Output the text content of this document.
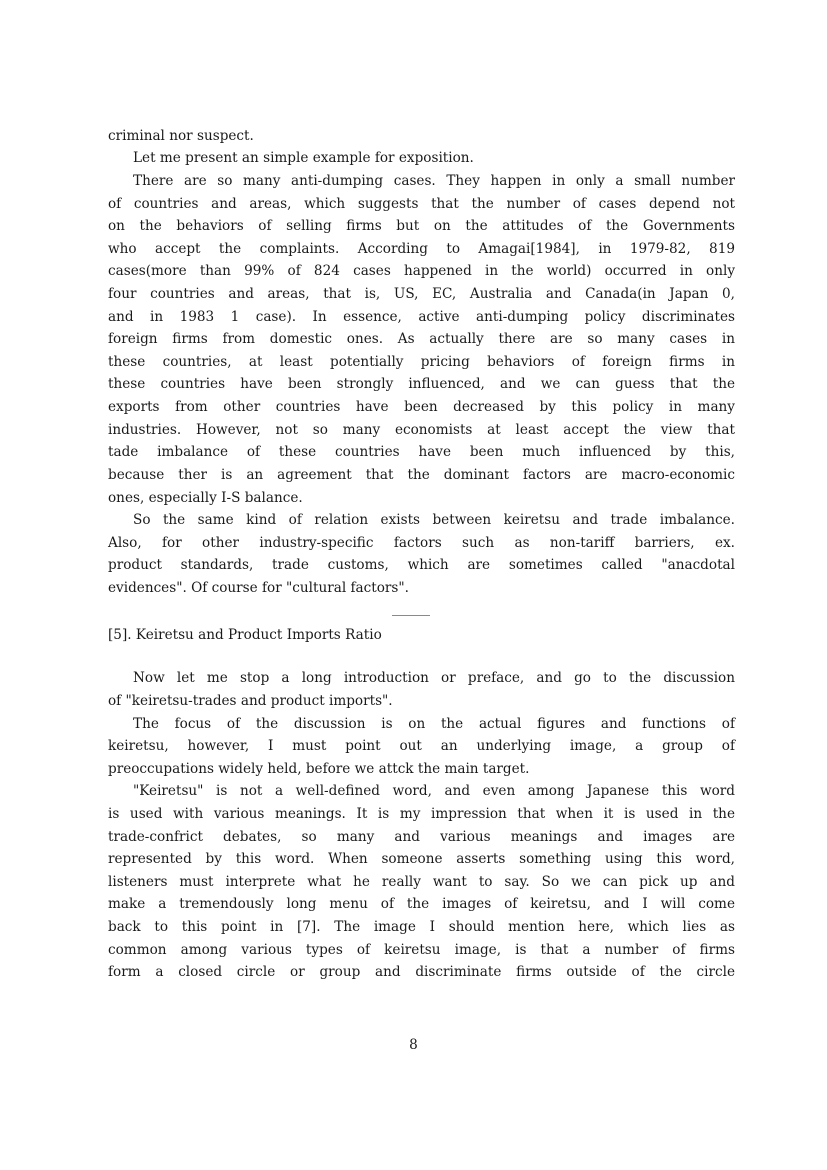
criminal nor suspect.
Let me present an simple example for exposition.
There are so many anti-dumping cases. They happen in only a small number
of countries and areas, which suggests that the number of cases depend not
on the behaviors of selling firms but on the attitudes of the Governments
who accept the complaints. According to Amagai[1984], in 1979-82, 819
cases(more than 99% of 824 cases happened in the world) occurred in only
four countries and areas, that is, US, EC, Australia and Canada(in Japan 0,
and in 1983 1 case). In essence, active anti-dumping policy discriminates
foreign firms from domestic ones. As actually there are so many cases in
these countries, at least potentially pricing behaviors of foreign firms in
these countries have been strongly influenced, and we can guess that the
exports from other countries have been decreased by this policy in many
industries. However, not so many economists at least accept the view that
tade imbalance of these countries have been much influenced by this,
because ther is an agreement that the dominant factors are macro-economic
ones, especially I-S balance.
So the same kind of relation exists between keiretsu and trade imbalance.
Also, for other industry-specific factors such as non-tariff barriers, ex.
product standards, trade customs, which are sometimes called "anacdotal
evidences". Of course for "cultural factors".
[5]. Keiretsu and Product Imports Ratio
Now let me stop a long introduction or preface, and go to the discussion
of "keiretsu-trades and product imports".
The focus of the discussion is on the actual figures and functions of
keiretsu, however, I must point out an underlying image, a group of
preoccupations widely held, before we attck the main target.
"Keiretsu" is not a well-defined word, and even among Japanese this word
is used with various meanings. It is my impression that when it is used in the
trade-confrict debates, so many and various meanings and images are
represented by this word. When someone asserts something using this word,
listeners must interprete what he really want to say. So we can pick up and
make a tremendously long menu of the images of keiretsu, and I will come
back to this point in [7]. The image I should mention here, which lies as
common among various types of keiretsu image, is that a number of firms
form a closed circle or group and discriminate firms outside of the circle
8
